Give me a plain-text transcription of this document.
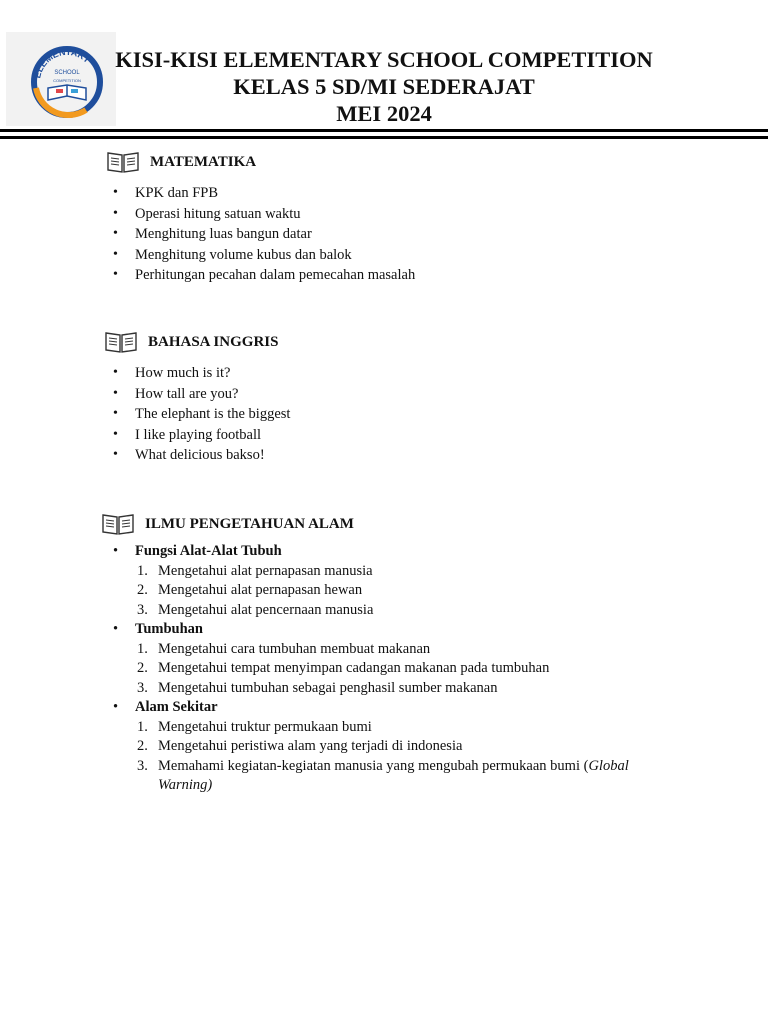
ELEMENTARY
SCHOOL
COMPETITION
KISI-KISI ELEMENTARY SCHOOL COMPETITION
KELAS 5 SD/MI SEDERAJAT
MEI 2024
MATEMATIKA
• KPK dan FPB
• Operasi hitung satuan waktu
• Menghitung luas bangun datar
• Menghitung volume kubus dan balok
• Perhitungan pecahan dalam pemecahan masalah
BAHASA INGGRIS
• How much is it?
• How tall are you?
• The elephant is the biggest
• I like playing football
• What delicious bakso!
ILMU PENGETAHUAN ALAM
• Fungsi Alat-Alat Tubuh
1. Mengetahui alat pernapasan manusia
2. Mengetahui alat pernapasan hewan
3. Mengetahui alat pencernaan manusia
• Tumbuhan
1. Mengetahui cara tumbuhan membuat makanan
2. Mengetahui tempat menyimpan cadangan makanan pada tumbuhan
3. Mengetahui tumbuhan sebagai penghasil sumber makanan
• Alam Sekitar
1. Mengetahui truktur permukaan bumi
2. Mengetahui peristiwa alam yang terjadi di indonesia
3. Memahami kegiatan-kegiatan manusia yang mengubah permukaan bumi (Global Warning)
